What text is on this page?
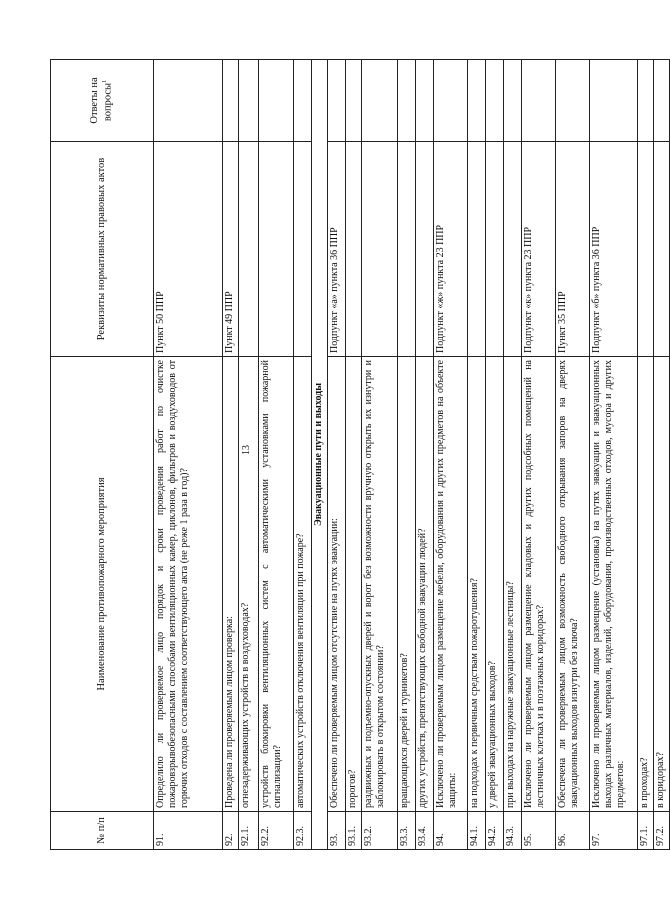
13
№ п/п	Наименование противопожарного мероприятия	Реквизиты нормативных правовых актов	Ответы на вопросы$^1$
91.	Определило ли проверяемое лицо порядок и сроки проведения работ по очистке пожаровзрывобезопасными способами вентиляционных камер, циклонов, фильтров и воздуховодов от горючих отходов с составлением соответствующего акта (не реже 1 раза в год)?	Пункт 50 ППР	
92.	Проведена ли проверяемым лицом проверка:	Пункт 49 ППР	
92.1.	огнезадерживающих устройств в воздуховодах?		
92.2.	устройств блокировки вентиляционных систем с автоматическими установками пожарной сигнализации?		
92.3.	автоматических устройств отключения вентиляции при пожаре?		
Эвакуационные пути и выходы			
93.	Обеспечено ли проверяемым лицом отсутствие на путях эвакуации:	Подпункт «а» пункта 36 ППР	
93.1.	порогов?		
93.2.	раздвижных и подъемно-опускных дверей и ворот без возможности вручную открыть их изнутри и заблокировать в открытом состоянии?		
93.3.	вращающихся дверей и турникетов?		
93.4.	других устройств, препятствующих свободной эвакуации людей?		
94.	Исключено ли проверяемым лицом размещение мебели, оборудования и других предметов на объекте защиты:	Подпункт «ж» пункта 23 ППР	
94.1.	на подходах к первичным средствам пожаротушения?		
94.2.	у дверей эвакуационных выходов?		
94.3.	при выходах на наружные эвакуационные лестницы?		
95.	Исключено ли проверяемым лицом размещение кладовых и других подсобных помещений на лестничных клетках и в поэтажных коридорах?	Подпункт «к» пункта 23 ППР	
96.	Обеспечена ли проверяемым лицом возможность свободного открывания запоров на дверях эвакуационных выходов изнутри без ключа?	Пункт 35 ППР	
97.	Исключено ли проверяемым лицом размещение (установка) на путях эвакуации и эвакуационных выходах различных материалов, изделий, оборудования, производственных отходов, мусора и других предметов:	Подпункт «б» пункта 36 ППР	
97.1.	в проходах?		
97.2.	в коридорах?		
